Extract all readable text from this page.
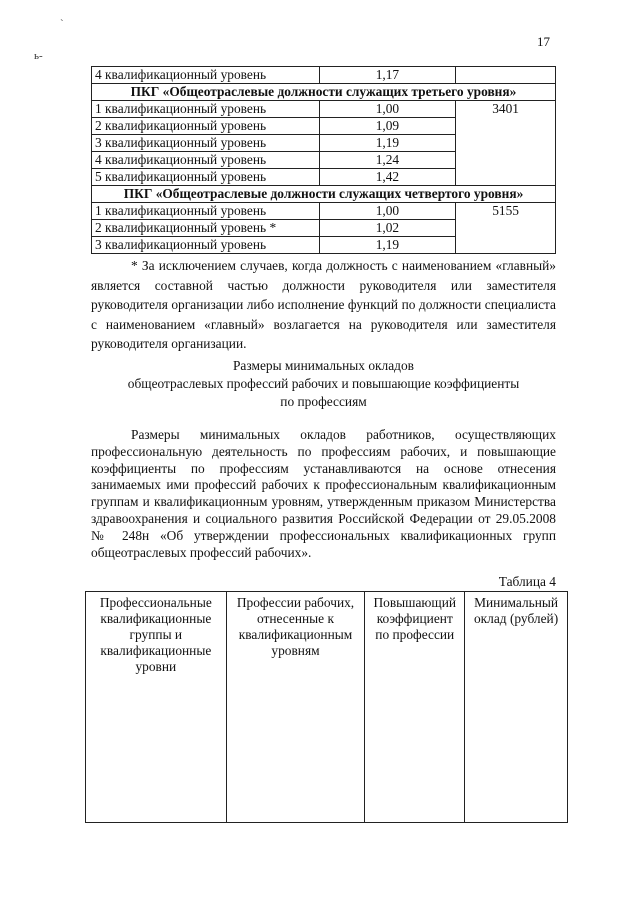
17
`
ь-
4 квалификационный уровень	1,17	
ПКГ «Общеотраслевые должности служащих третьего уровня»		
1 квалификационный уровень	1,00	3401
2 квалификационный уровень	1,09	
3 квалификационный уровень	1,19	
4 квалификационный уровень	1,24	
5 квалификационный уровень	1,42	
ПКГ «Общеотраслевые должности служащих четвертого уровня»		
1 квалификационный уровень	1,00	5155
2 квалификационный уровень *	1,02	
3 квалификационный уровень	1,19	
* За исключением случаев, когда должность с наименованием «главный» является составной частью должности руководителя или заместителя руководителя организации либо исполнение функций по должности специалиста с наименованием «главный» возлагается на руководителя или заместителя руководителя организации.
Размеры минимальных окладов
общеотраслевых профессий рабочих и повышающие коэффициенты
по профессиям
Размеры минимальных окладов работников, осуществляющих профессиональную деятельность по профессиям рабочих, и повышающие коэффициенты по профессиям устанавливаются на основе отнесения занимаемых ими профессий рабочих к профессиональным квалификационным группам и квалификационным уровням, утвержденным приказом Министерства здравоохранения и социального развития Российской Федерации от 29.05.2008 № 248н «Об утверждении профессиональных квалификационных групп общеотраслевых профессий рабочих».
Таблица 4
Профессиональные квалификационные группы и квалификационные уровни	Профессии рабочих, отнесенные к квалификационным уровням	Повышающий коэффициент по профессии	Минимальный оклад (рублей)
